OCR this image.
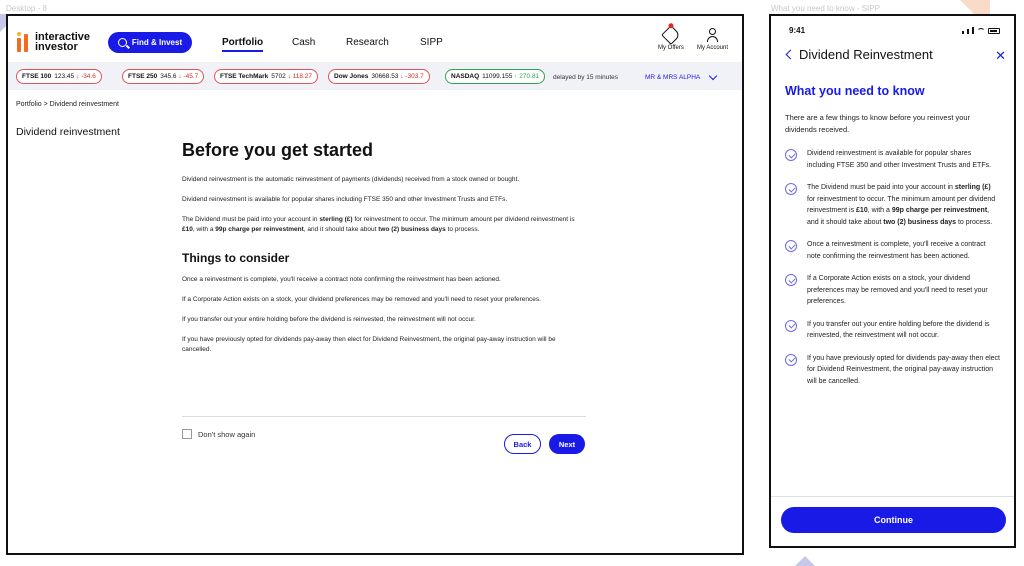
Desktop - 8	What you need to know - SIPP
interactive
investor	Find & Invest	Portfolio	Cash	Research	SIPP	My Offers My Account
FTSE 100 123.45
↓ -34.6	FTSE 250 345.6
↓ -45.7	FTSE TechMark 5702
↓ 118.27	Dow Jones 30668.53
↓ -303.7	NASDAQ 11099.155
↑ 270.81 delayed by 15 minutes	MR & MRS ALPHA
Portfolio > Dividend reinvestment
Dividend reinvestment
Before you get started

Dividend reinvestment is the automatic reinvestment of payments (dividends) received from a stock owned or bought.

Dividend reinvestment is available for popular shares including FTSE 350 and other Investment Trusts and ETFs.

The Dividend must be paid into your account in sterling (£) for reinvestment to occur. The minimum amount per dividend reinvestment is £10, with a 99p charge per reinvestment, and it should take about two (2) business days to process.

Things to consider

Once a reinvestment is complete, you'll receive a contract note confirming the reinvestment has been actioned.

If a Corporate Action exists on a stock, your dividend preferences may be removed and you'll need to reset your preferences.

If you transfer out your entire holding before the dividend is reinvested, the reinvestment will not occur.

If you have previously opted for dividends pay-away then elect for Dividend Reinvestment, the original pay-away instruction will be cancelled.

Don't show again
Back	Next
9:41
Dividend Reinvestment	✕
What you need to know
There are a few things to know before you reinvest your dividends received.
Dividend reinvestment is available for popular shares including FTSE 350 and other Investment Trusts and ETFs.
The Dividend must be paid into your account in sterling (£) for reinvestment to occur. The minimum amount per dividend reinvestment is £10, with a 99p charge per reinvestment, and it should take about two (2) business days to process.
Once a reinvestment is complete, you'll receive a contract note confirming the reinvestment has been actioned.
If a Corporate Action exists on a stock, your dividend preferences may be removed and you'll need to reset your preferences.
If you transfer out your entire holding before the dividend is reinvested, the reinvestment will not occur.
If you have previously opted for dividends pay-away then elect for Dividend Reinvestment, the original pay-away instruction will be cancelled.
Continue
